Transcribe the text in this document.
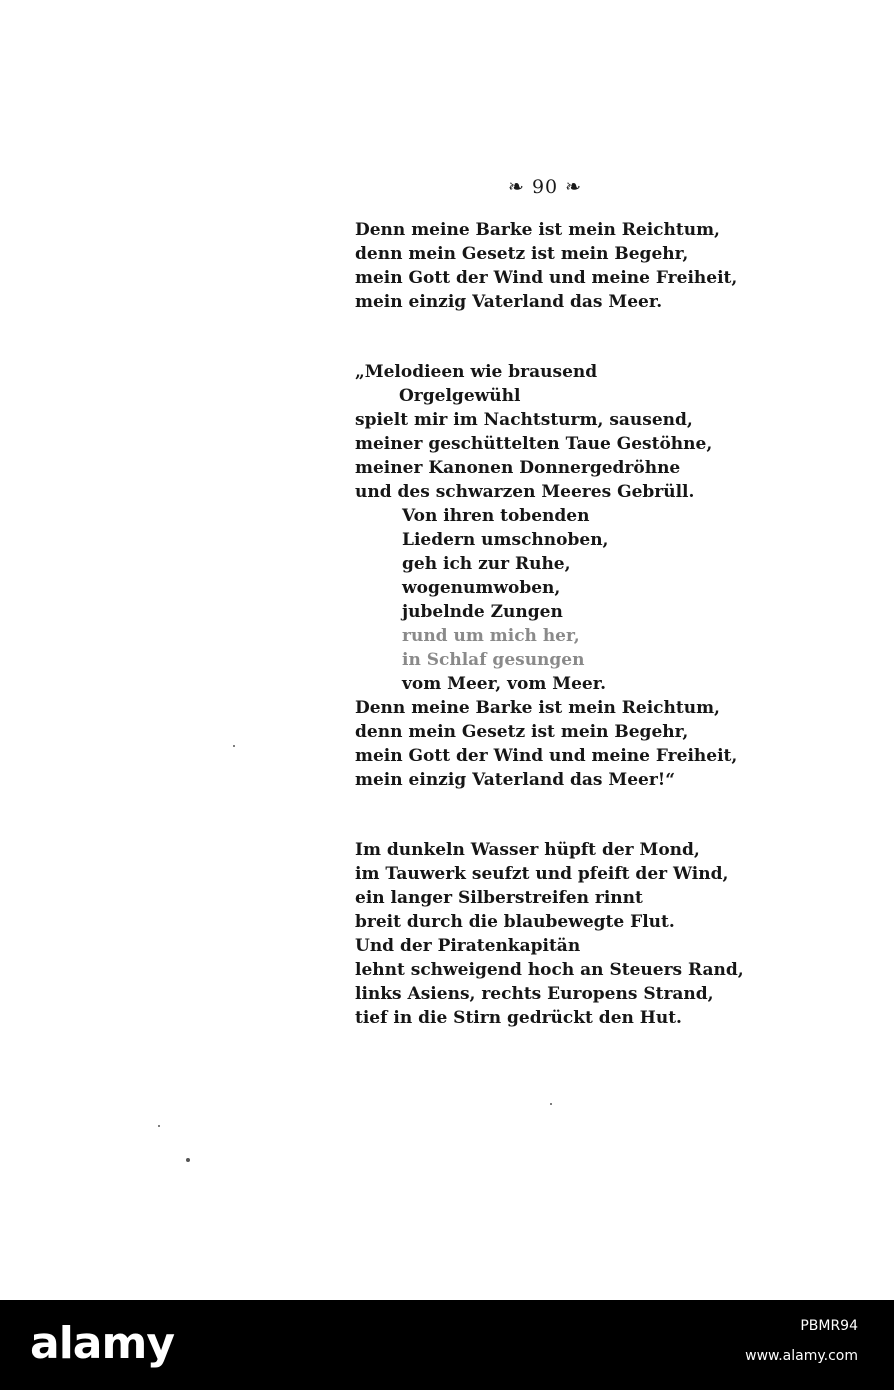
❧ 90 ❧
Denn meine Barke ist mein Reichtum,
denn mein Gesetz ist mein Begehr,
mein Gott der Wind und meine Freiheit,
mein einzig Vaterland das Meer.
„Melodieen wie brausend
Orgelgewühl
spielt mir im Nachtsturm, sausend,
meiner geschüttelten Taue Gestöhne,
meiner Kanonen Donnergedröhne
und des schwarzen Meeres Gebrüll.
Von ihren tobenden
Liedern umschnoben,
geh ich zur Ruhe,
wogenumwoben,
jubelnde Zungen
rund um mich her,
in Schlaf gesungen
vom Meer, vom Meer.
Denn meine Barke ist mein Reichtum,
denn mein Gesetz ist mein Begehr,
mein Gott der Wind und meine Freiheit,
mein einzig Vaterland das Meer!“
Im dunkeln Wasser hüpft der Mond,
im Tauwerk seufzt und pfeift der Wind,
ein langer Silberstreifen rinnt
breit durch die blaubewegte Flut.
Und der Piratenkapitän
lehnt schweigend hoch an Steuers Rand,
links Asiens, rechts Europens Strand,
tief in die Stirn gedrückt den Hut.
alamy	PBMR94
www.alamy.com
